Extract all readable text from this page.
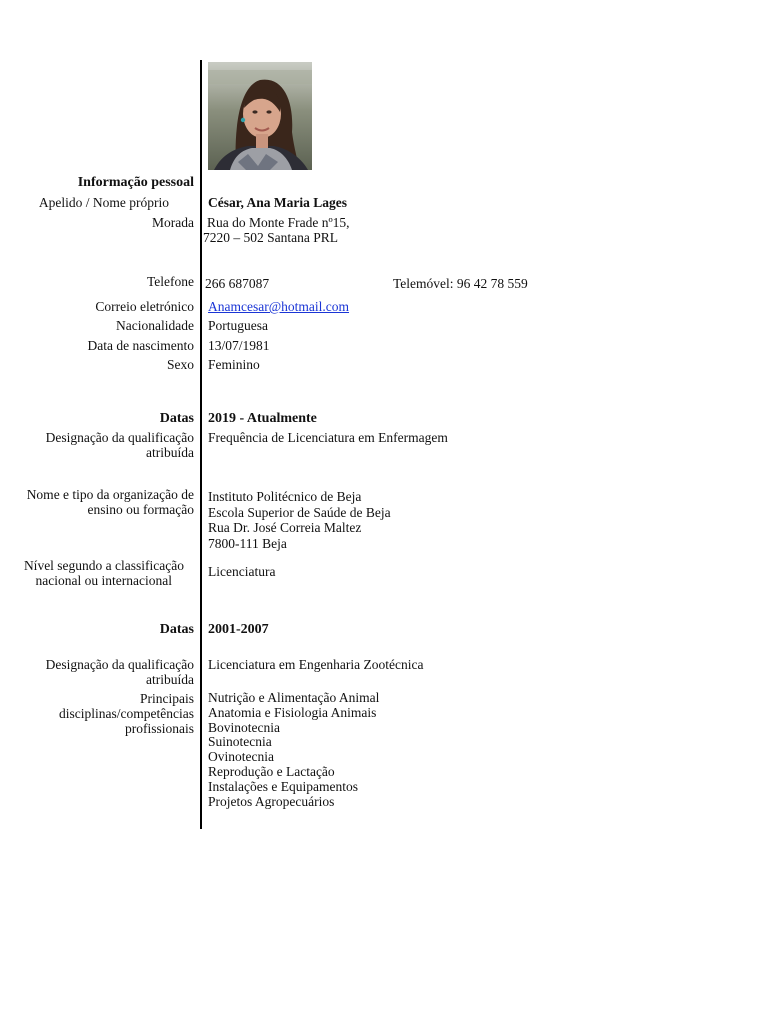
Informação pessoal
Apelido / Nome próprio	César, Ana Maria Lages
Morada Rua do Monte Frade nº15,
7220 – 502 Santana PRL
Telefone 266 687087	Telemóvel: 96 42 78 559
Correio eletrónico Anamcesar@hotmail.com
Nacionalidade Portuguesa
Data de nascimento 13/07/1981
Sexo Feminino
Datas 2019 - Atualmente
Designação da qualificação
atribuída
Frequência de Licenciatura em Enfermagem
Nome e tipo da organização de
ensino ou formação
Instituto Politécnico de Beja
Escola Superior de Saúde de Beja
Rua Dr. José Correia Maltez
7800-111 Beja
Nível segundo a classificação
nacional ou internacional
Licenciatura
Datas 2001-2007
Designação da qualificação
atribuída
Licenciatura em Engenharia Zootécnica
Principais
disciplinas/competências
profissionais
Nutrição e Alimentação Animal
Anatomia e Fisiologia Animais
Bovinotecnia
Suinotecnia
Ovinotecnia
Reprodução e Lactação
Instalações e Equipamentos
Projetos Agropecuários
